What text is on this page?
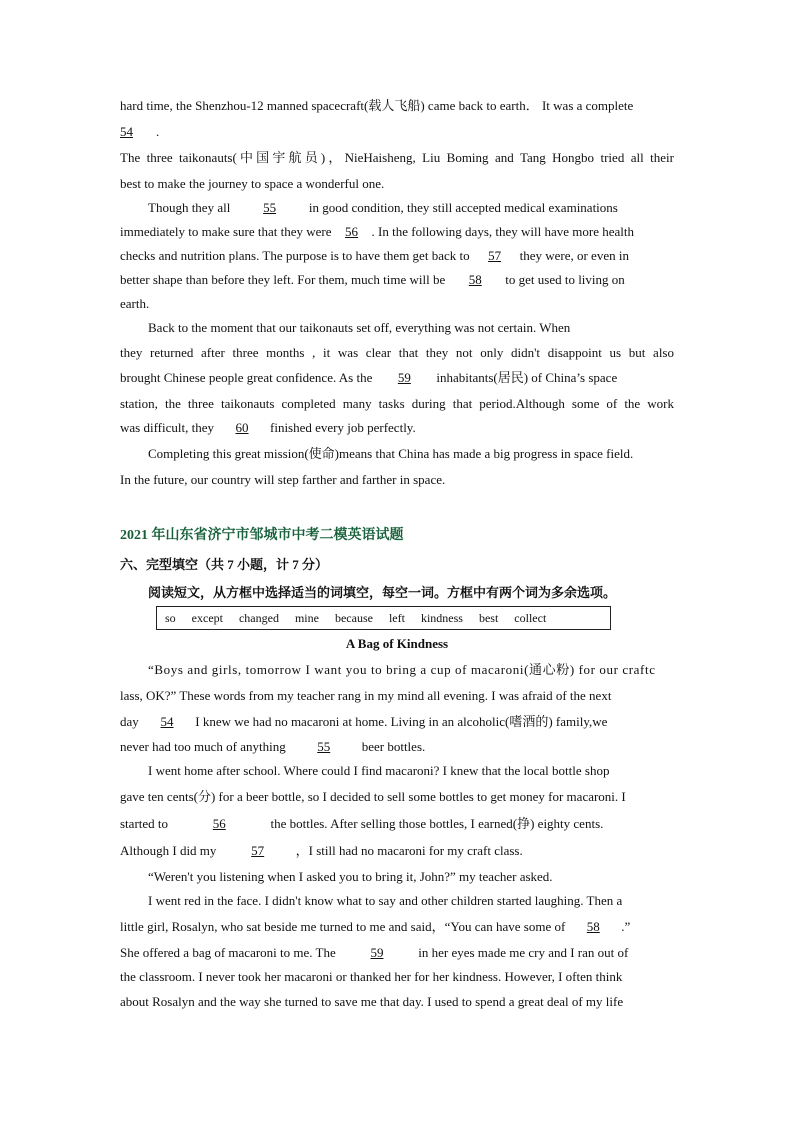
hard time, the Shenzhou-12 manned spacecraft(载人飞船) came back to earth． It was a complete
54 .
The three taikonauts(中国宇航员)，NieHaisheng, Liu Boming and Tang Hongbo tried all their
best to make the journey to space a wonderful one.
Though they all	55	in good condition, they still accepted medical examinations
immediately to make sure that they were 56 . In the following days, they will have more health
checks and nutrition plans. The purpose is to have them get back to 57 they were, or even in
better shape than before they left. For them, much time will be 58 to get used to living on
earth.
Back to the moment that our taikonauts set off, everything was not certain. When
they returned after three months , it was clear that they not only didn't disappoint us but also
brought Chinese people great confidence. As the 59 inhabitants(居民) of China’s space
station, the three taikonauts completed many tasks during that period.Although some of the work
was difficult, they 60 finished every job perfectly.
Completing this great mission(使命)means that China has made a big progress in space field.
In the future, our country will step farther and farther in space.
2021 年山东省济宁市邹城市中考二模英语试题
六、完型填空（共 7 小题，计 7 分）
阅读短文，从方框中选择适当的词填空，每空一词。方框中有两个词为多余选项。
so except changed mine because left kindness best collect
A Bag of Kindness
“Boys and girls, tomorrow I want you to bring a cup of macaroni(通心粉) for our craftc
lass, OK?” These words from my teacher rang in my mind all evening. I was afraid of the next
day 54 I knew we had no macaroni at home. Living in an alcoholic(嗜酒的) family,we
never had too much of anything 55 beer bottles.
I went home after school. Where could I find macaroni? I knew that the local bottle shop
gave ten cents(分) for a beer bottle, so I decided to sell some bottles to get money for macaroni. I
started to	56	the bottles. After selling those bottles, I earned(挣) eighty cents.
Although I did my	57 ，I still had no macaroni for my craft class.
“Weren't you listening when I asked you to bring it, John?” my teacher asked.
I went red in the face. I didn't know what to say and other children started laughing. Then a
little girl, Rosalyn, who sat beside me turned to me and said，“You can have some of 58 .”
She offered a bag of macaroni to me. The	59	in her eyes made me cry and I ran out of
the classroom. I never took her macaroni or thanked her for her kindness. However, I often think
about Rosalyn and the way she turned to save me that day. I used to spend a great deal of my life
